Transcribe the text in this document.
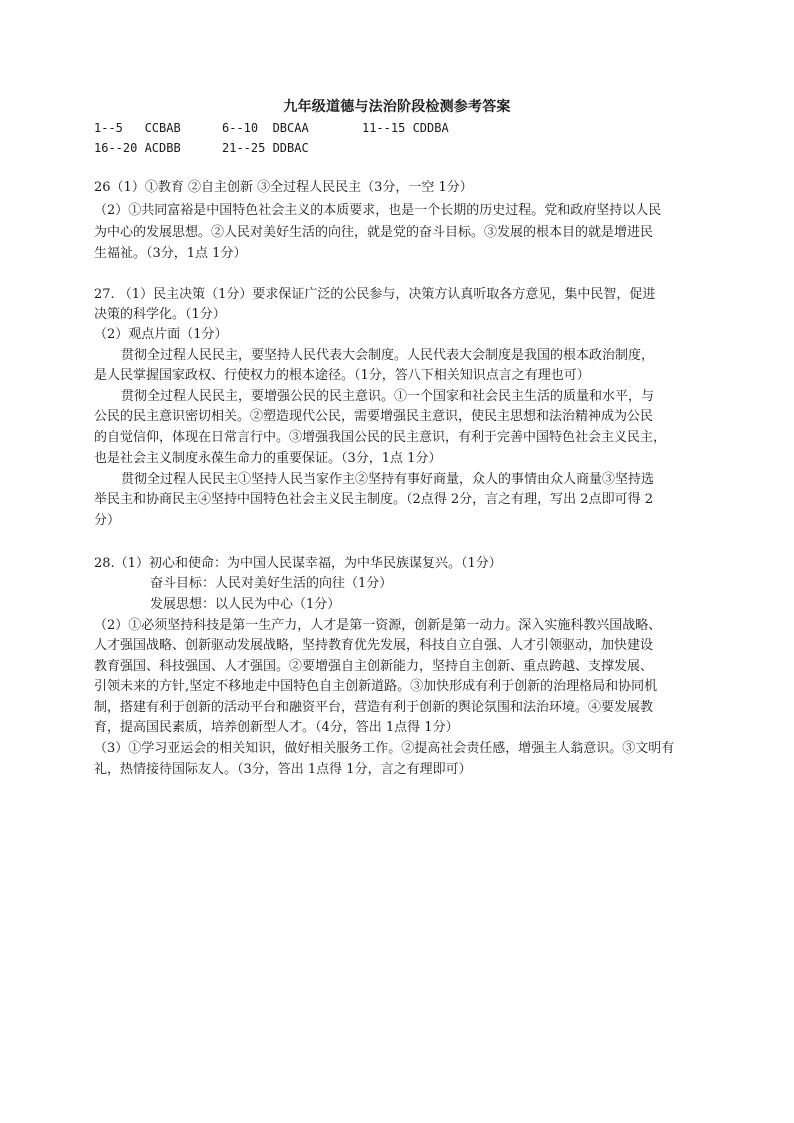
九年级道德与法治阶段检测参考答案
1--5   CCBAB	6--10  DBCAA	11--15 CDDBA
16--20 ACDBB	21--25 DDBAC
26（1）①教育 ②自主创新 ③全过程人民民主（3分，一空 1分）
（2）①共同富裕是中国特色社会主义的本质要求，也是一个长期的历史过程。党和政府坚持以人民
为中心的发展思想。②人民对美好生活的向往，就是党的奋斗目标。③发展的根本目的就是增进民
生福祉。（3分，1点 1分）
27. （1）民主决策（1分）要求保证广泛的公民参与，决策方认真听取各方意见，集中民智，促进
决策的科学化。（1分）
（2）观点片面（1分）
贯彻全过程人民民主，要坚持人民代表大会制度。人民代表大会制度是我国的根本政治制度，
是人民掌握国家政权、行使权力的根本途径。（1分，答八下相关知识点言之有理也可）
贯彻全过程人民民主，要增强公民的民主意识。①一个国家和社会民主生活的质量和水平，与
公民的民主意识密切相关。②塑造现代公民，需要增强民主意识，使民主思想和法治精神成为公民
的自觉信仰，体现在日常言行中。③增强我国公民的民主意识，有利于完善中国特色社会主义民主，
也是社会主义制度永葆生命力的重要保证。（3分，1点 1分）
贯彻全过程人民民主①坚持人民当家作主②坚持有事好商量，众人的事情由众人商量③坚持选
举民主和协商民主④坚持中国特色社会主义民主制度。（2点得 2分，言之有理，写出 2点即可得 2
分）
28.（1）初心和使命：为中国人民谋幸福，为中华民族谋复兴。（1分）
奋斗目标：人民对美好生活的向往（1分）
发展思想：以人民为中心（1分）
（2）①必须坚持科技是第一生产力，人才是第一资源，创新是第一动力。深入实施科教兴国战略、
人才强国战略、创新驱动发展战略，坚持教育优先发展，科技自立自强、人才引领驱动，加快建设
教育强国、科技强国、人才强国。②要增强自主创新能力，坚持自主创新、重点跨越、支撑发展、
引领未来的方针,坚定不移地走中国特色自主创新道路。③加快形成有利于创新的治理格局和协同机
制，搭建有利于创新的活动平台和融资平台，营造有利于创新的舆论氛围和法治环境。④要发展教
育，提高国民素质，培养创新型人才。（4分，答出 1点得 1分）
（3）①学习亚运会的相关知识，做好相关服务工作。②提高社会责任感，增强主人翁意识。③文明有
礼，热情接待国际友人。（3分，答出 1点得 1分，言之有理即可）
